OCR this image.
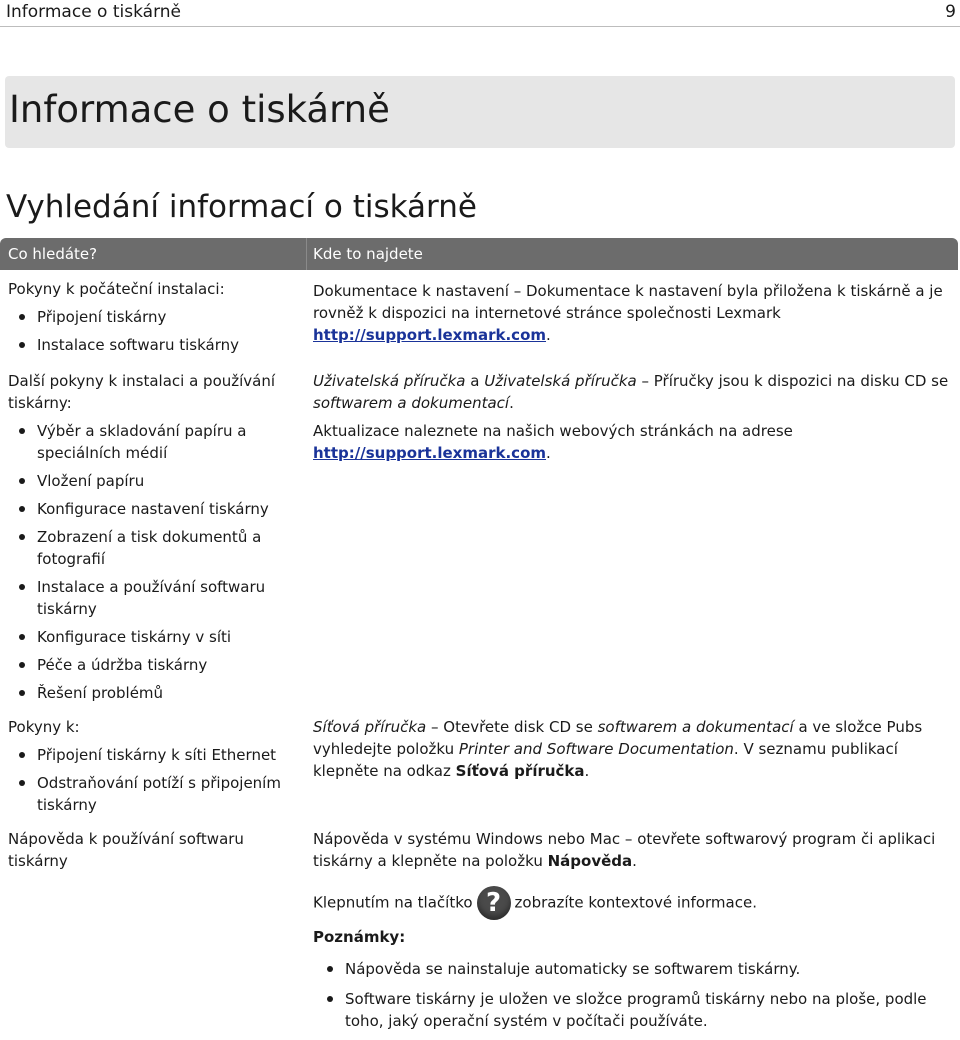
Informace o tiskárně	9
Informace o tiskárně
Vyhledání informací o tiskárně
Co hledáte?	Kde to najdete
Pokyny k počáteční instalaci:
Připojení tiskárny
Instalace softwaru tiskárny
Dokumentace k nastavení – Dokumentace k nastavení byla přiložena k tiskárně a je rovněž k dispozici na internetové stránce společnosti Lexmark http://support.lexmark.com.
Další pokyny k instalaci a používání tiskárny:
Výběr a skladování papíru a speciálních médií
Vložení papíru
Konfigurace nastavení tiskárny
Zobrazení a tisk dokumentů a fotografií
Instalace a používání softwaru tiskárny
Konfigurace tiskárny v síti
Péče a údržba tiskárny
Řešení problémů
Uživatelská příručka a Uživatelská příručka – Příručky jsou k dispozici na disku CD se softwarem a dokumentací.
Aktualizace naleznete na našich webových stránkách na adrese
http://support.lexmark.com.
Pokyny k:
Připojení tiskárny k síti Ethernet
Odstraňování potíží s připojením tiskárny
Síťová příručka – Otevřete disk CD se softwarem a dokumentací a ve složce Pubs vyhledejte položku Printer and Software Documentation. V seznamu publikací klepněte na odkaz Síťová příručka.
Nápověda k používání softwaru tiskárny
Nápověda v systému Windows nebo Mac – otevřete softwarový program či aplikaci tiskárny a klepněte na položku Nápověda.
Klepnutím na tlačítko ? zobrazíte kontextové informace.
Poznámky:
Nápověda se nainstaluje automaticky se softwarem tiskárny.
Software tiskárny je uložen ve složce programů tiskárny nebo na ploše, podle toho, jaký operační systém v počítači používáte.
